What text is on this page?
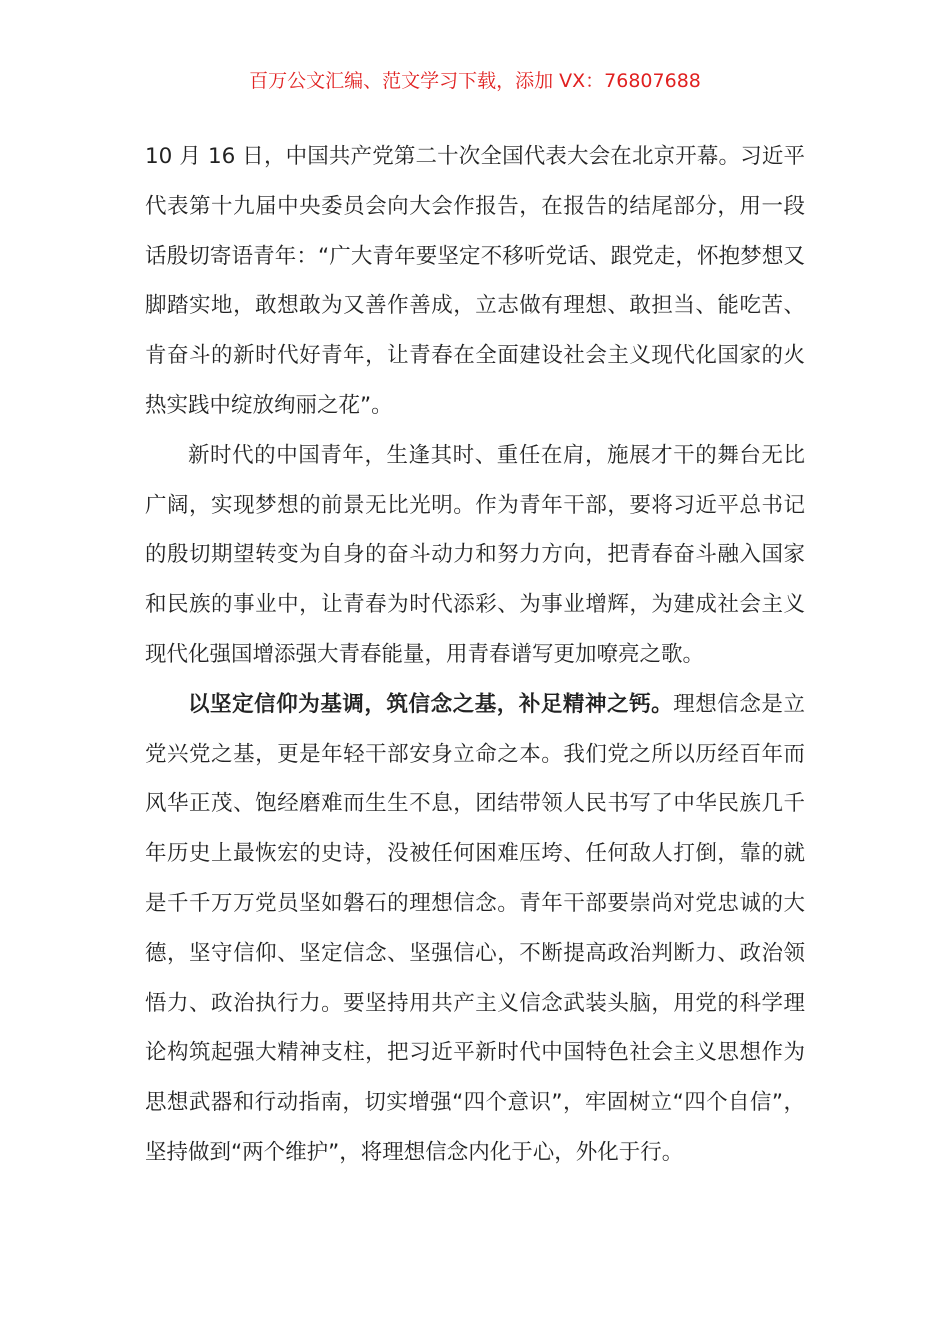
百万公文汇编、范文学习下载，添加 VX：76807688

10 月 16 日，中国共产党第二十次全国代表大会在北京开幕。习近平代表第十九届中央委员会向大会作报告，在报告的结尾部分，用一段话殷切寄语青年：“广大青年要坚定不移听党话、跟党走，怀抱梦想又脚踏实地，敢想敢为又善作善成，立志做有理想、敢担当、能吃苦、肯奋斗的新时代好青年，让青春在全面建设社会主义现代化国家的火热实践中绽放绚丽之花”。

新时代的中国青年，生逢其时、重任在肩，施展才干的舞台无比广阔，实现梦想的前景无比光明。作为青年干部，要将习近平总书记的殷切期望转变为自身的奋斗动力和努力方向，把青春奋斗融入国家和民族的事业中，让青春为时代添彩、为事业增辉，为建成社会主义现代化强国增添强大青春能量，用青春谱写更加嘹亮之歌。

以坚定信仰为基调，筑信念之基，补足精神之钙。理想信念是立党兴党之基，更是年轻干部安身立命之本。我们党之所以历经百年而风华正茂、饱经磨难而生生不息，团结带领人民书写了中华民族几千年历史上最恢宏的史诗，没被任何困难压垮、任何敌人打倒，靠的就是千千万万党员坚如磐石的理想信念。青年干部要崇尚对党忠诚的大德，坚守信仰、坚定信念、坚强信心，不断提高政治判断力、政治领悟力、政治执行力。要坚持用共产主义信念武装头脑，用党的科学理论构筑起强大精神支柱，把习近平新时代中国特色社会主义思想作为思想武器和行动指南，切实增强“四个意识”，牢固树立“四个自信”，坚持做到“两个维护”，将理想信念内化于心，外化于行。
